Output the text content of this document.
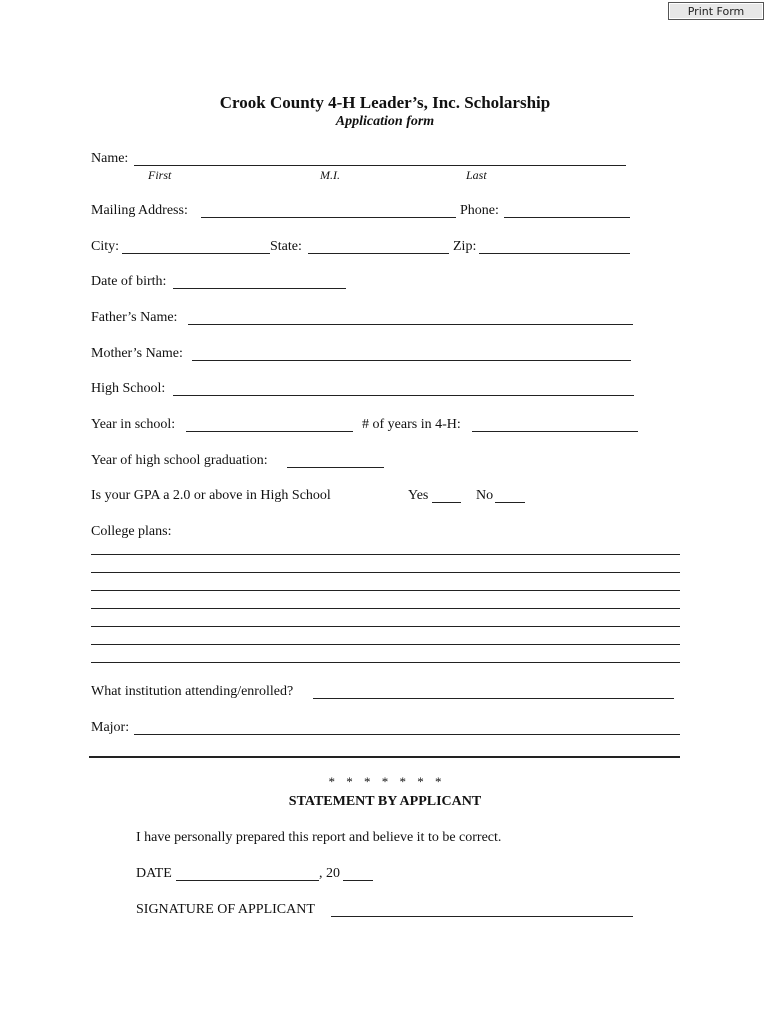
Print Form
Crook County 4-H Leader’s, Inc. Scholarship
Application form
Name:
First	M.I.	Last
Mailing Address:	Phone:
City:	State:	Zip:
Date of birth:
Father’s Name:
Mother’s Name:
High School:
Year in school:	# of years in 4-H:
Year of high school graduation:
Is your GPA a 2.0 or above in High School	Yes	No
College plans:
What institution attending/enrolled?
Major:
* * * * * * *
STATEMENT BY APPLICANT
I have personally prepared this report and believe it to be correct.
DATE	, 20
SIGNATURE OF APPLICANT
